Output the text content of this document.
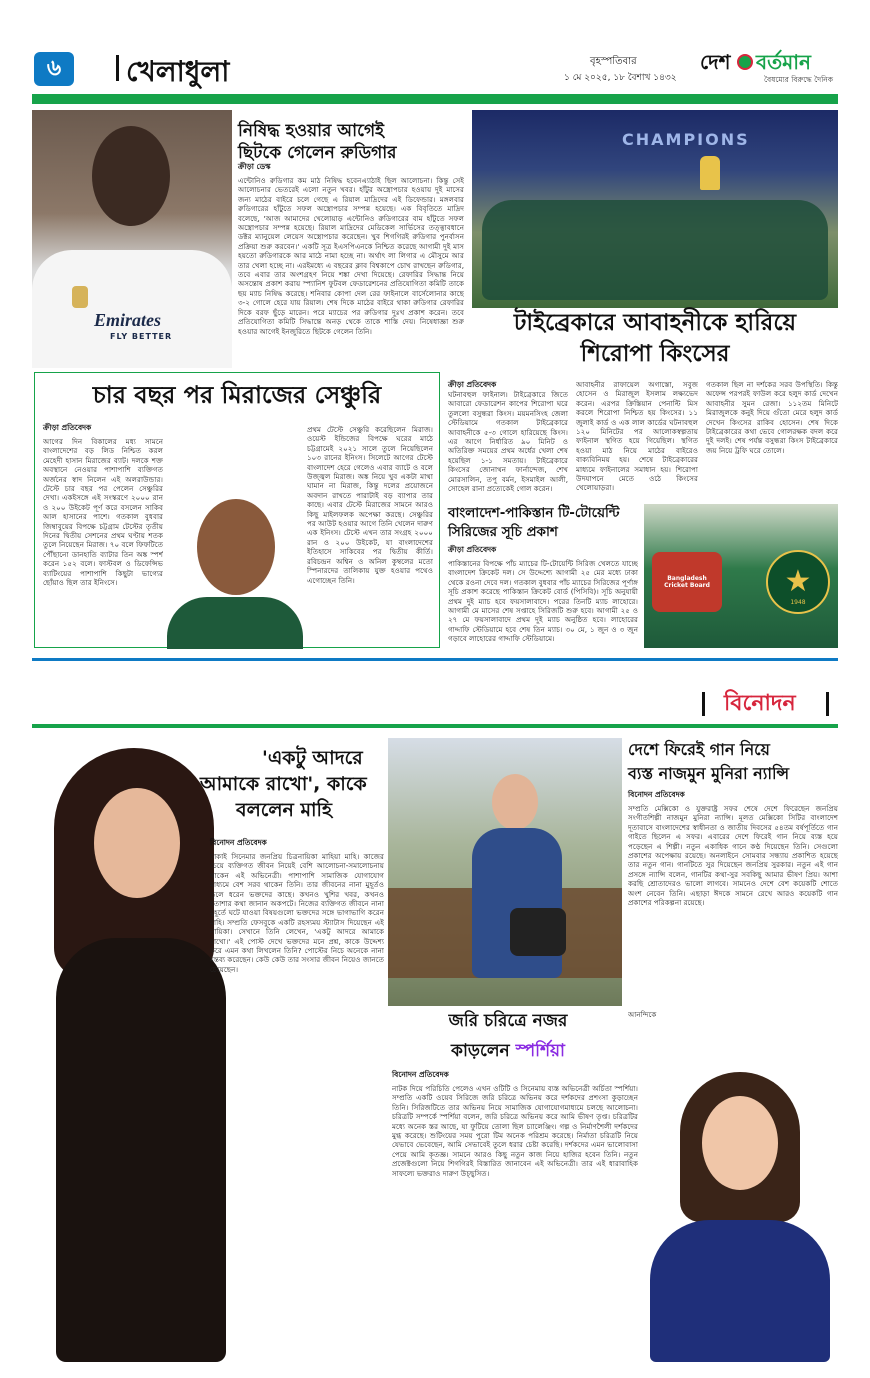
৬ খেলাধুলা	বৃহস্পতিবার
১ মে ২০২৫, ১৮ বৈশাখ ১৪৩২
দেশ বর্তমান
বৈষম্যের বিরুদ্ধে দৈনিক
Emirates
FLY BETTER
নিষিদ্ধ হওয়ার আগেই
ছিটকে গেলেন রুডিগার
ক্রীড়া ডেস্ক
এন্টোনিও রুডিগার কম মাঠ নিষিদ্ধ হবেনএ্যাঠাই ছিল আলোচনা। কিন্তু সেই আলোচনার ভেতরেই এলো নতুন খবর। হাঁটুর অস্ত্রোপচার হওয়ায় দুই মাসের জন্য মাঠের বাইরে চলে গেছে এ রিয়াল মাদ্রিদের এই ডিফেন্ডার। মঙ্গলবার রুডিগারের হাঁটুতে সফল অস্ত্রোপচার সম্পন্ন হয়েছে। এক বিবৃতিতে মাদ্রিদ বলেছে, 'আজ আমাদের খেলোয়াড় এন্টোনিও রুডিগারের বাম হাঁটুতে সফল অস্ত্রোপচার সম্পন্ন হয়েছে। রিয়াল মাদ্রিদের মেডিকেল সার্ভিসের তত্ত্বাবধানে ডক্টর ম্যানুয়েল লেয়েস অস্ত্রোপচার করেছেন। খুব শিগগিরই রুডিগার পুনর্বাসন প্রক্রিয়া শুরু করবেন।' একটি সূত্র ইএসপিএনকে নিশ্চিত করেছে আগামী দুই মাস হয়তো রুডিগারকে আর মাঠে নামা হচ্ছে না। অর্থাৎ লা লিগার এ মৌসুমে আর তার খেলা হচ্ছে না। এরইমধ্যে এ বছরের ক্লাব বিশ্বকাপে চোখ রাখছেন রুডিগার, তবে এবার তার অংশগ্রহণ নিয়ে শঙ্কা দেখা দিয়েছে। রেফারির সিদ্ধান্ত নিয়ে অসন্তোষ প্রকাশ করায় স্প্যানিশ ফুটবল ফেডারেশনের প্রতিযোগিতা কমিটি তাকে ছয় ম্যাচ নিষিদ্ধ করেছে। শনিবার কোপা দেল রের ফাইনালে বার্সেলোনার কাছে ৩-২ গোলে হেরে যায় রিয়াল। শেষ দিকে মাঠের বাইরে থাকা রুডিগার রেফারির দিকে বরফ ছুঁড়ে মারেন। পরে ম্যাচের পর রুডিগার দুঃখ প্রকাশ করেন। তবে প্রতিযোগিতা কমিটি সিদ্ধান্তে অনড় থেকে তাকে শাস্তি দেয়। নিষেধাজ্ঞা শুরু হওয়ার আগেই ইনজুরিতে ছিটকে গেলেন তিনি।
CHAMPIONS
টাইব্রেকারে আবাহনীকে হারিয়ে
শিরোপা কিংসের
ক্রীড়া প্রতিবেদক
ঘটনাবহুল ফাইনাল। টাইব্রেকারে জিতে আবারো ফেডারেশন কাপের শিরোপা ঘরে তুললো বসুন্ধরা কিংস। ময়মনসিংহ জেলা স্টেডিয়ামে গতকাল টাইব্রেকারে আবাহনীকে ৫-৩ গোলে হারিয়েছে কিংস। এর আগে নির্ধারিত ৯০ মিনিট ও অতিরিক্ত সময়ের প্রথম অর্ধের খেলা শেষ হয়েছিল ১-১ সমতায়। টাইব্রেকারে কিংসের জোনাথন ফার্নান্দেজ, শেখ মোরসালিন, তপু বর্মন, ইসমাইল আলী, সোহেল রানা প্রত্যেকেই গোল করেন।
আবাহনীর রাফায়েল অগাস্তো, সবুজ হোসেন ও মিরাজুল ইসলাম লক্ষ্যভেদ করেন। এরপর ক্রিস্তিয়ান পেনাল্টি মিস করলে শিরোপা নিশ্চিত হয় কিংসের। ১১ জুলাই কার্ড ও এক লাল কার্ডের ঘটনাবহুল ১২০ মিনিটের পর আলোকস্বল্পতায় ফাইনাল স্থগিত হয়ে গিয়েছিল। স্থগিত হওয়া মাঠ নিয়ে মাঠের বাইরেও বাক্যবিনিময় হয়। শেষে টাইব্রেকারের মাধ্যমে ফাইনালের সমাধান হয়। শিরোপা উদযাপনে মেতে ওঠে কিংসের খেলোয়াড়রা।
গতকাল ছিল না দর্শকের সরব উপস্থিতি। কিন্তু অফেন্স পরপরই ফাউল করে হলুদ কার্ড দেখেন আবাহনীর সুমন রেজা। ১১২তম মিনিটে মিরাজুলকে কনুই দিয়ে গুঁতো মেরে হলুদ কার্ড দেখেন কিংসের রাকিব হোসেন। শেষ দিকে টাইব্রেকারের কথা ভেবে গোলরক্ষক বদল করে দুই দলই। শেষ পর্যন্ত বসুন্ধরা কিংস টাইব্রেকারে জয় নিয়ে ট্রফি ঘরে তোলে।
চার বছর পর মিরাজের সেঞ্চুরি
ক্রীড়া প্রতিবেদক
আগের দিন বিকালের মধ্য সামনে বাংলাদেশের বড় লিড নিশ্চিত করল মেহেদী হাসান মিরাজের ব্যাট। দলকে শক্ত অবস্থানে নেওয়ার পাশাপাশি ব্যক্তিগত অর্জনের স্বাদ নিলেন এই অলরাউন্ডার। টেস্টে চার বছর পর পেলেন সেঞ্চুরির দেখা। একইসঙ্গে এই সংস্করণে ২০০০ রান ও ২০০ উইকেট পূর্ণ করে বসলেন সাকিব আল হাসানের পাশে। গতকাল বুধবার জিম্বাবুয়ের বিপক্ষে চট্টগ্রাম টেস্টের তৃতীয় দিনের দ্বিতীয় সেশনের প্রথম ঘণ্টায় শতক তুলে নিয়েছেন মিরাজ। ৭০ বলে ফিফটিতে পৌঁছানো ডানহাতি ব্যাটার তিন অঙ্ক স্পর্শ করেন ১৫২ বলে। ফাস্টবল ও ডিফেন্সিভ ব্যাটিংয়ের পাশাপাশি কিছুটা ভাগ্যের ছোঁয়াও ছিল তার ইনিংসে।
প্রথম টেস্টে সেঞ্চুরি করেছিলেন মিরাজ। ওয়েস্ট ইন্ডিজের বিপক্ষে ঘরের মাঠে চট্টগ্রামেই ২০২১ সালে তুলে নিয়েছিলেন ১০৩ রানের ইনিংস। সিলেটে আগের টেস্টে বাংলাদেশ হেরে গেলেও এবার ব্যাটে ও বলে উজ্জ্বল মিরাজ। অঙ্ক নিয়ে খুব একটা মাথা ঘামান না মিরাজ, কিন্তু দলের প্রয়োজনে অবদান রাখতে পারাটাই বড় ব্যাপার তার কাছে। এবার টেস্টে মিরাজের সামনে আরও কিছু মাইলফলক অপেক্ষা করছে। সেঞ্চুরির পর আউট হওয়ার আগে তিনি খেলেন দারুণ এক ইনিংস। টেস্টে এখন তার সংগ্রহ ২০০০ রান ও ২০০ উইকেট, যা বাংলাদেশের ইতিহাসে সাকিবের পর দ্বিতীয় কীর্তি। রবিচন্দ্রন অশ্বিন ও অনিল কুম্বলের মতো স্পিনারদের তালিকায় যুক্ত হওয়ার পথেও এগোচ্ছেন তিনি।
বাংলাদেশ-পাকিস্তান টি-টোয়েন্টি
সিরিজের সূচি প্রকাশ
ক্রীড়া প্রতিবেদক
পাকিস্তানের বিপক্ষে পাঁচ ম্যাচের টি-টোয়েন্টি সিরিজ খেলতে যাচ্ছে বাংলাদেশ ক্রিকেট দল। সে উদ্দেশ্যে আগামী ২৫ মের মধ্যে ঢাকা থেকে রওনা দেবে দল। গতকাল বুধবার পাঁচ ম্যাচের সিরিজের পূর্ণাঙ্গ সূচি প্রকাশ করেছে পাকিস্তান ক্রিকেট বোর্ড (পিসিবি)। সূচি অনুযায়ী প্রথম দুই ম্যাচ হবে ফয়সালাবাদে। পরের তিনটি ম্যাচ লাহোরে। আগামী মে মাসের শেষ সপ্তাহে সিরিজটি শুরু হবে। আগামী ২৫ ও ২৭ মে ফয়সালাবাদে প্রথম দুই ম্যাচ অনুষ্ঠিত হবে। লাহোরের গাদ্দাফি স্টেডিয়ামে হবে শেষ তিন ম্যাচ। ৩০ মে, ১ জুন ও ৩ জুন গড়াবে লাহোরের গাদ্দাফি স্টেডিয়ামে।
Bangladesh Cricket Board	★
1948
বিনোদন
'একটু আদরে
আমাকে রাখো', কাকে
বললেন মাহি
বিনোদন প্রতিবেদক
ঢাকাই সিনেমার জনপ্রিয় চিত্রনায়িকা মাহিয়া মাহি। কাজের চেয়ে ব্যক্তিগত জীবন নিয়েই বেশি আলোচনা-সমালোচনায় থাকেন এই অভিনেত্রী। পাশাপাশি সামাজিক যোগাযোগ মাধ্যমে বেশ সরব থাকেন তিনি। তার জীবনের নানা মুহূর্তও তুলে ধরেন ভক্তদের কাছে। কখনও খুশির খবর, কখনও হতাশার কথা জানান অকপটে। নিজের ব্যক্তিগত জীবনে নানা মুহূর্তে ঘটে যাওয়া বিষয়গুলো ভক্তদের সঙ্গে ভাগাভাগি করেন মাহি। সম্প্রতি ফেসবুকে একটি রহস্যময় স্ট্যাটাস দিয়েছেন এই নায়িকা। সেখানে তিনি লেখেন, 'একটু আদরে আমাকে রাখো।' এই পোস্ট দেখে ভক্তদের মনে প্রশ্ন, কাকে উদ্দেশ্য করে এমন কথা লিখলেন তিনি? পোস্টের নিচে অনেকে নানা মন্তব্য করেছেন। কেউ কেউ তার সংসার জীবন নিয়েও জানতে চেয়েছেন।
দেশে ফিরেই গান নিয়ে
ব্যস্ত নাজমুন মুনিরা ন্যান্সি
বিনোদন প্রতিবেদক
সম্প্রতি মেক্সিকো ও যুক্তরাষ্ট্র সফর শেষে দেশে ফিরেছেন জনপ্রিয় সংগীতশিল্পী নাজমুন মুনিরা ন্যান্সি। মূলত মেক্সিকো সিটির বাংলাদেশ দূতাবাসে বাংলাদেশের স্বাধীনতা ও জাতীয় দিবসের ৫৪তম বর্ষপূর্তিতে গান গাইতে ছিলেন এ সফর। এবারের দেশে ফিরেই গান নিয়ে ব্যস্ত হয়ে পড়েছেন এ শিল্পী। নতুন একাধিক গানে কণ্ঠ দিয়েছেন তিনি। সেগুলো প্রকাশের অপেক্ষায় রয়েছে। অনলাইনে সোমবার সন্ধ্যায় প্রকাশিত হয়েছে তার নতুন গান। গানটিতে সুর দিয়েছেন জনপ্রিয় সুরকার। নতুন এই গান প্রসঙ্গে ন্যান্সি বলেন, গানটির কথা-সুর সবকিছু আমার ভীষণ প্রিয়। আশা করছি শ্রোতাদেরও ভালো লাগবে। সামনেও দেশে বেশ কয়েকটি শোতে অংশ নেবেন তিনি। এছাড়া ঈদকে সামনে রেখে আরও কয়েকটি গান প্রকাশের পরিকল্পনা রয়েছে।
আনন্দিকে
জরি চরিত্রে নজর
কাড়লেন স্পর্শিয়া
বিনোদন প্রতিবেদক
নাটক দিয়ে পরিচিতি পেলেও এখন ওটিটি ও সিনেমায় ব্যস্ত অভিনেত্রী অর্চিতা স্পর্শিয়া। সম্প্রতি একটি ওয়েব সিরিজে জরি চরিত্রে অভিনয় করে দর্শকদের প্রশংসা কুড়াচ্ছেন তিনি। সিরিজটিতে তার অভিনয় নিয়ে সামাজিক যোগাযোগমাধ্যমে চলছে আলোচনা। চরিত্রটি সম্পর্কে স্পর্শিয়া বলেন, জরি চরিত্রে অভিনয় করে আমি ভীষণ তৃপ্ত। চরিত্রটির মধ্যে অনেক স্তর আছে, যা ফুটিয়ে তোলা ছিল চ্যালেঞ্জিং। গল্প ও নির্মাণশৈলী দর্শকদের মুগ্ধ করেছে। শুটিংয়ের সময় পুরো টিম অনেক পরিশ্রম করেছে। নির্মাতা চরিত্রটি নিয়ে যেভাবে ভেবেছেন, আমি সেভাবেই তুলে ধরার চেষ্টা করেছি। দর্শকদের এমন ভালোবাসা পেয়ে আমি কৃতজ্ঞ। সামনে আরও কিছু নতুন কাজ নিয়ে হাজির হবেন তিনি। নতুন প্রজেক্টগুলো নিয়ে শিগগিরই বিস্তারিত জানাবেন এই অভিনেত্রী। তার এই ধারাবাহিক সাফল্যে ভক্তরাও দারুণ উচ্ছ্বসিত।
